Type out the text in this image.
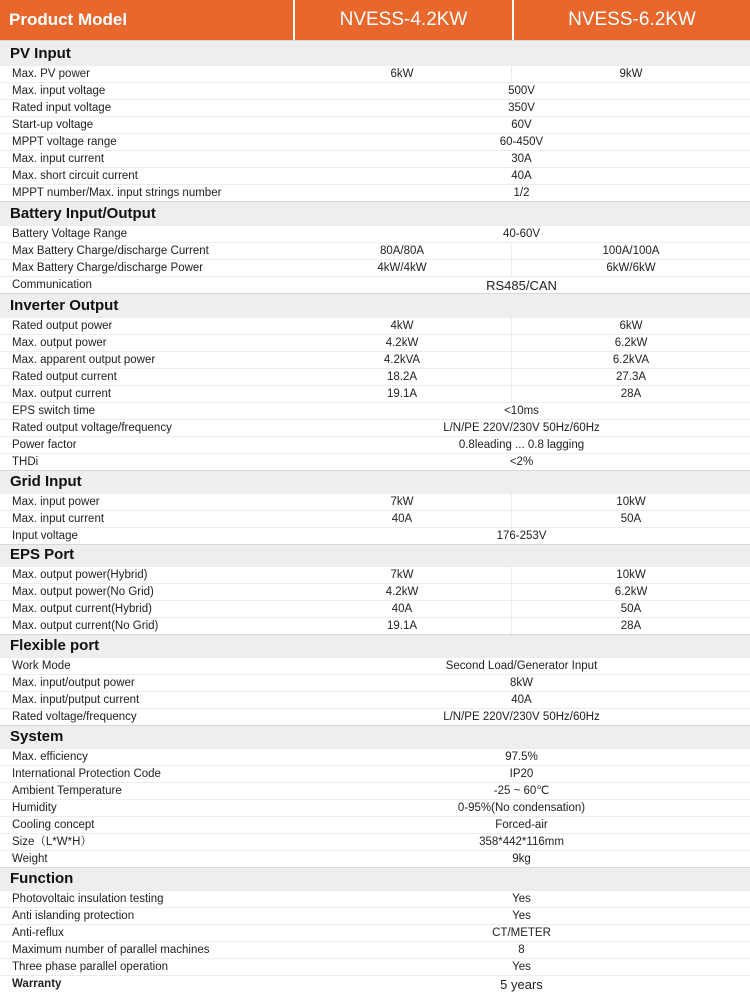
Product Model	NVESS-4.2KW	NVESS-6.2KW
PV Input
Max. PV power	6kW	9kW
Max. input voltage	500V
Rated input voltage	350V
Start-up voltage	60V
MPPT voltage range	60-450V
Max. input current	30A
Max. short circuit current	40A
MPPT number/Max. input strings number	1/2
Battery Input/Output
Battery Voltage Range	40-60V
Max Battery Charge/discharge Current	80A/80A	100A/100A
Max Battery Charge/discharge Power	4kW/4kW	6kW/6kW
Communication	RS485/CAN
Inverter Output
Rated output power	4kW	6kW
Max. output power	4.2kW	6.2kW
Max. apparent output power	4.2kVA	6.2kVA
Rated output current	18.2A	27.3A
Max. output current	19.1A	28A
EPS switch time	<10ms
Rated output voltage/frequency	L/N/PE 220V/230V 50Hz/60Hz
Power factor	0.8leading ... 0.8 lagging
THDi	<2%
Grid Input
Max. input power	7kW	10kW
Max. input current	40A	50A
Input voltage	176-253V
EPS Port
Max. output power(Hybrid)	7kW	10kW
Max. output power(No Grid)	4.2kW	6.2kW
Max. output current(Hybrid)	40A	50A
Max. output current(No Grid)	19.1A	28A
Flexible port
Work Mode	Second Load/Generator Input
Max. input/output power	8kW
Max. input/putput current	40A
Rated voltage/frequency	L/N/PE 220V/230V 50Hz/60Hz
System
Max. efficiency	97.5%
International Protection Code	IP20
Ambient Temperature	-25 ~ 60℃
Humidity	0-95%(No condensation)
Cooling concept	Forced-air
Size（L*W*H）	358*442*116mm
Weight	9kg
Function
Photovoltaic insulation testing	Yes
Anti islanding protection	Yes
Anti-reflux	CT/METER
Maximum number of parallel machines	8
Three phase parallel operation	Yes
Warranty	5 years
